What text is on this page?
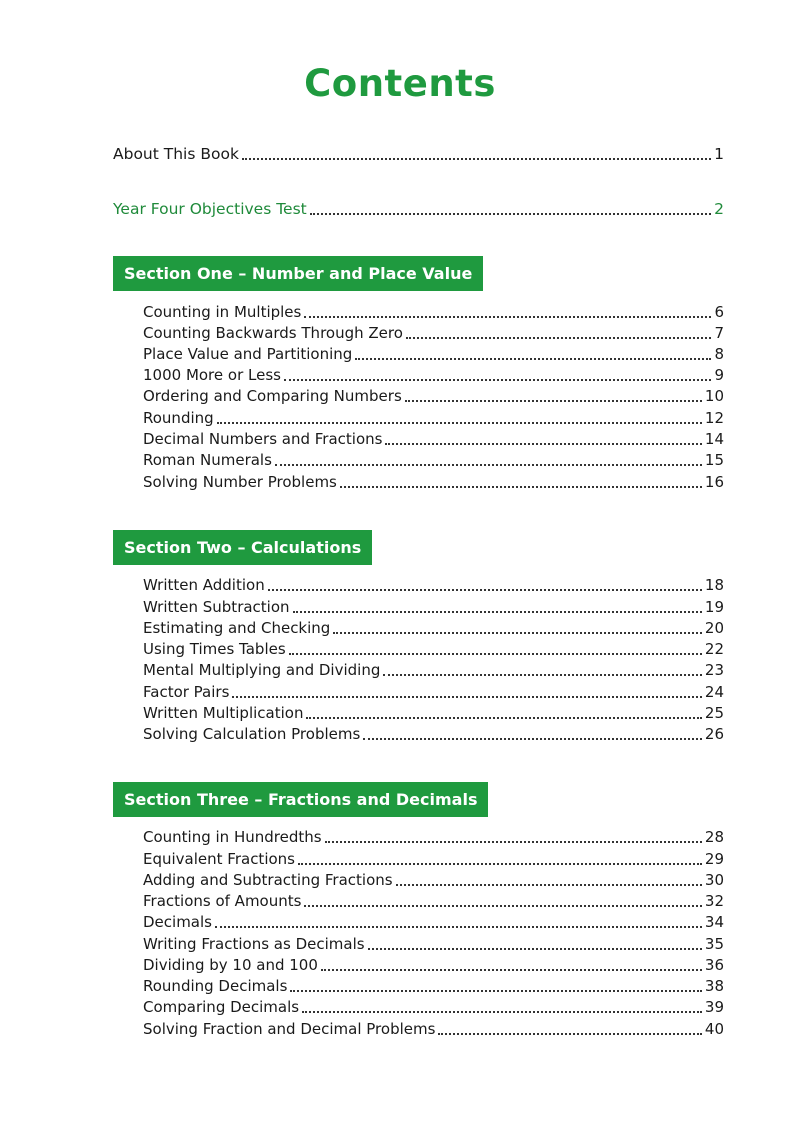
Contents
About This Book	1
Year Four Objectives Test	2
Section One – Number and Place Value
Counting in Multiples	6
Counting Backwards Through Zero	7
Place Value and Partitioning	8
1000 More or Less	9
Ordering and Comparing Numbers	10
Rounding	12
Decimal Numbers and Fractions	14
Roman Numerals	15
Solving Number Problems	16
Section Two – Calculations
Written Addition	18
Written Subtraction	19
Estimating and Checking	20
Using Times Tables	22
Mental Multiplying and Dividing	23
Factor Pairs	24
Written Multiplication	25
Solving Calculation Problems	26
Section Three – Fractions and Decimals
Counting in Hundredths	28
Equivalent Fractions	29
Adding and Subtracting Fractions	30
Fractions of Amounts	32
Decimals	34
Writing Fractions as Decimals	35
Dividing by 10 and 100	36
Rounding Decimals	38
Comparing Decimals	39
Solving Fraction and Decimal Problems	40
